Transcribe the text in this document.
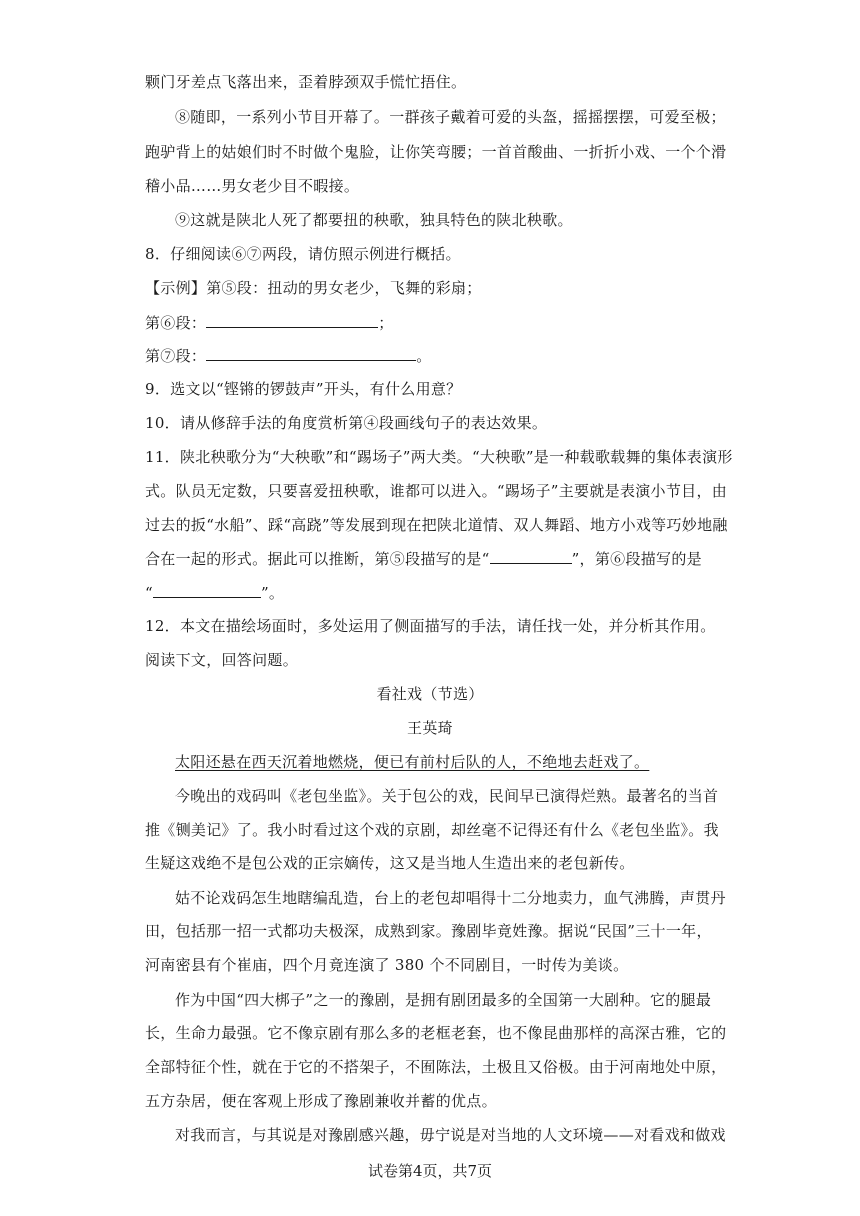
颗门牙差点飞落出来，歪着脖颈双手慌忙捂住。
⑧随即，一系列小节目开幕了。一群孩子戴着可爱的头盔，摇摇摆摆，可爱至极；
跑驴背上的姑娘们时不时做个鬼脸，让你笑弯腰；一首首酸曲、一折折小戏、一个个滑
稽小品……男女老少目不暇接。
⑨这就是陕北人死了都要扭的秧歌，独具特色的陕北秧歌。
8．仔细阅读⑥⑦两段，请仿照示例进行概括。
【示例】第⑤段：扭动的男女老少，飞舞的彩扇；
第⑥段：	；
第⑦段：	。
9．选文以“铿锵的锣鼓声”开头，有什么用意？
10．请从修辞手法的角度赏析第④段画线句子的表达效果。
11．陕北秧歌分为“大秧歌”和“踢场子”两大类。“大秧歌”是一种载歌载舞的集体表演形
式。队员无定数，只要喜爱扭秧歌，谁都可以进入。“踢场子”主要就是表演小节目，由
过去的扳“水船”、踩“高跷”等发展到现在把陕北道情、双人舞蹈、地方小戏等巧妙地融
合在一起的形式。据此可以推断，第⑤段描写的是“	”，第⑥段描写的是
“	”。
12．本文在描绘场面时，多处运用了侧面描写的手法，请任找一处，并分析其作用。
阅读下文，回答问题。
看社戏（节选）
王英琦
太阳还悬在西天沉着地燃烧，便已有前村后队的人，不绝地去赶戏了。
今晚出的戏码叫《老包坐监》。关于包公的戏，民间早已演得烂熟。最著名的当首
推《铡美记》了。我小时看过这个戏的京剧，却丝毫不记得还有什么《老包坐监》。我
生疑这戏绝不是包公戏的正宗嫡传，这又是当地人生造出来的老包新传。
姑不论戏码怎生地瞎编乱造，台上的老包却唱得十二分地卖力，血气沸腾，声贯丹
田，包括那一招一式都功夫极深，成熟到家。豫剧毕竟姓豫。据说“民国”三十一年，
河南密县有个崔庙，四个月竟连演了 380 个不同剧目，一时传为美谈。
作为中国“四大梆子”之一的豫剧，是拥有剧团最多的全国第一大剧种。它的腿最
长，生命力最强。它不像京剧有那么多的老框老套，也不像昆曲那样的高深古雅，它的
全部特征个性，就在于它的不搭架子，不囿陈法，土极且又俗极。由于河南地处中原，
五方杂居，便在客观上形成了豫剧兼收并蓄的优点。
对我而言，与其说是对豫剧感兴趣，毋宁说是对当地的人文环境——对看戏和做戏
试卷第4页，共7页
